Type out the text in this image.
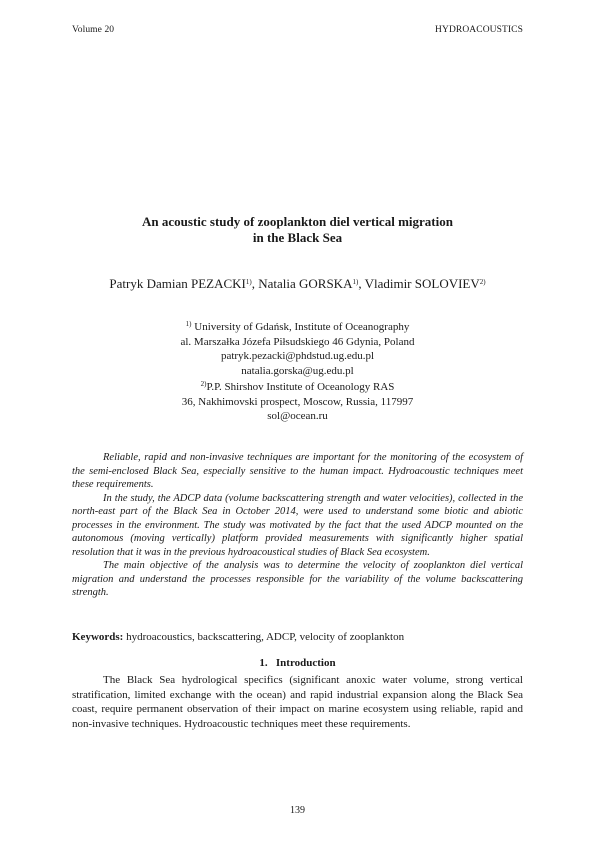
Volume 20	HYDROACOUSTICS
An acoustic study of zooplankton diel vertical migration
in the Black Sea
Patryk Damian PEZACKI$^{1)}$, Natalia GORSKA$^{1)}$, Vladimir SOLOVIEV$^{2)}$
$^{1)}$ University of Gdańsk, Institute of Oceanography
al. Marszałka Józefa Piłsudskiego 46 Gdynia, Poland
patryk.pezacki@phdstud.ug.edu.pl
natalia.gorska@ug.edu.pl
$^{2)}$P.P. Shirshov Institute of Oceanology RAS
36, Nakhimovski prospect, Moscow, Russia, 117997
sol@ocean.ru

Reliable, rapid and non-invasive techniques are important for the monitoring of the ecosystem of the semi-enclosed Black Sea, especially sensitive to the human impact. Hydroacoustic techniques meet these requirements.

In the study, the ADCP data (volume backscattering strength and water velocities), collected in the north-east part of the Black Sea in October 2014, were used to understand some biotic and abiotic processes in the environment. The study was motivated by the fact that the used ADCP mounted on the autonomous (moving vertically) platform provided measurements with significantly higher spatial resolution that it was in the previous hydroacoustical studies of Black Sea ecosystem.

The main objective of the analysis was to determine the velocity of zooplankton diel vertical migration and understand the processes responsible for the variability of the volume backscattering strength.

Keywords: hydroacoustics, backscattering, ADCP, velocity of zooplankton
1. Introduction

The Black Sea hydrological specifics (significant anoxic water volume, strong vertical stratification, limited exchange with the ocean) and rapid industrial expansion along the Black Sea coast, require permanent observation of their impact on marine ecosystem using reliable, rapid and non-invasive techniques. Hydroacoustic techniques meet these requirements.

139
